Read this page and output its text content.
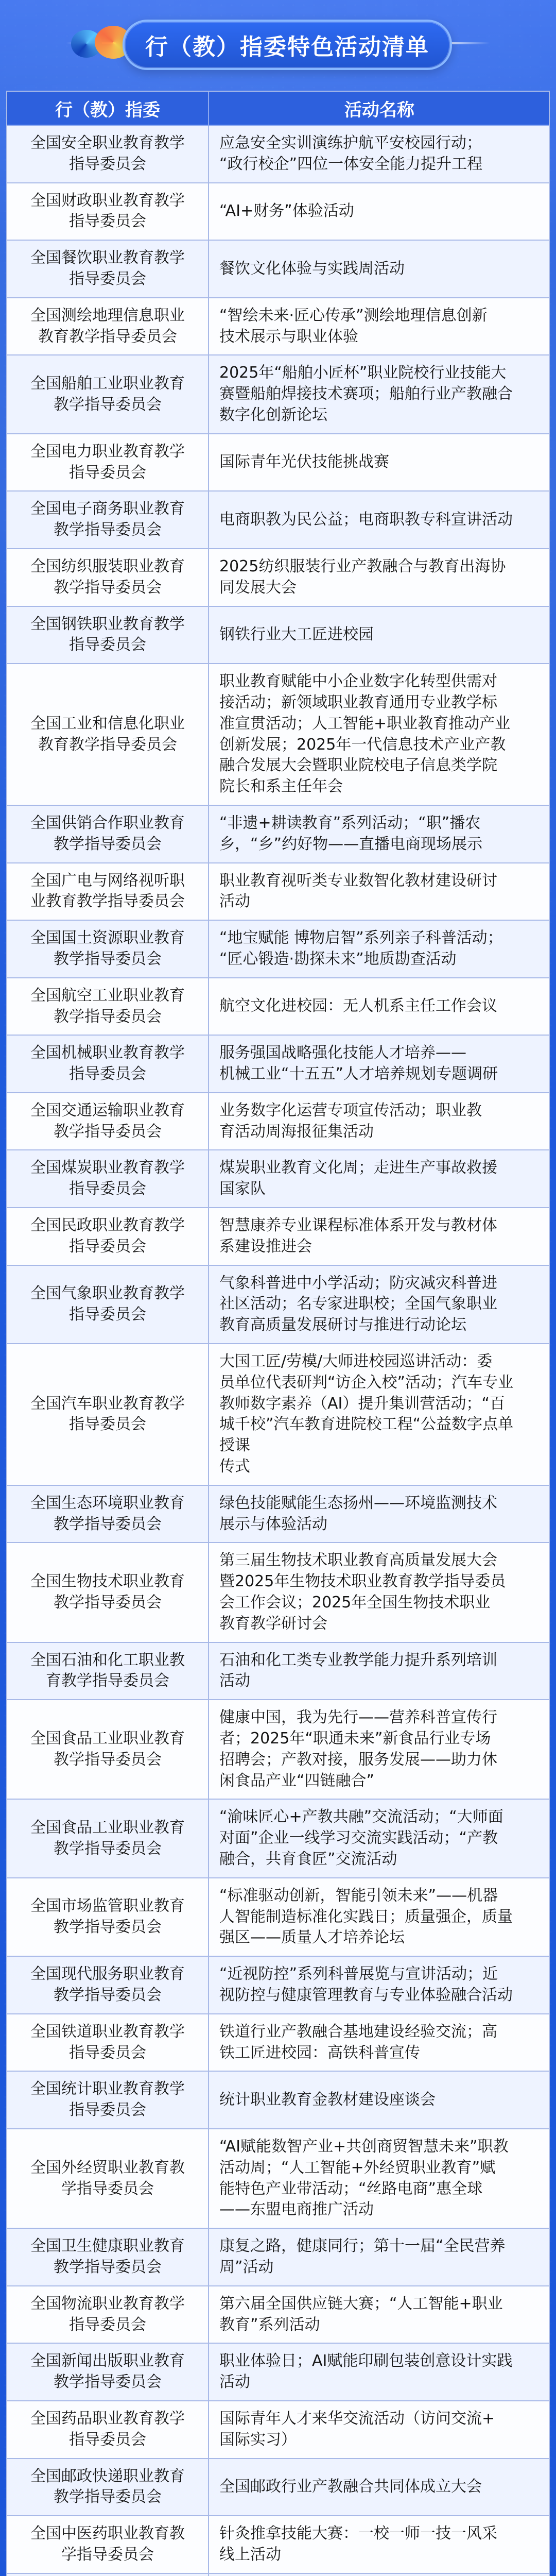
行（教）指委特色活动清单
行（教）指委	活动名称
全国安全职业教育教学
指导委员会
应急安全实训演练护航平安校园行动；
“政行校企”四位一体安全能力提升工程
全国财政职业教育教学
指导委员会
“AI+财务”体验活动
全国餐饮职业教育教学
指导委员会
餐饮文化体验与实践周活动
全国测绘地理信息职业
教育教学指导委员会
“智绘未来·匠心传承”测绘地理信息创新
技术展示与职业体验
全国船舶工业职业教育
教学指导委员会
2025年“船舶小匠杯”职业院校行业技能大
赛暨船舶焊接技术赛项；船舶行业产教融合
数字化创新论坛
全国电力职业教育教学
指导委员会
国际青年光伏技能挑战赛
全国电子商务职业教育
教学指导委员会
电商职教为民公益；电商职教专科宣讲活动
全国纺织服装职业教育
教学指导委员会
2025纺织服装行业产教融合与教育出海协
同发展大会
全国钢铁职业教育教学
指导委员会
钢铁行业大工匠进校园
全国工业和信息化职业
教育教学指导委员会
职业教育赋能中小企业数字化转型供需对
接活动；新领域职业教育通用专业教学标
准宣贯活动；人工智能+职业教育推动产业
创新发展；2025年一代信息技术产业产教
融合发展大会暨职业院校电子信息类学院
院长和系主任年会
全国供销合作职业教育
教学指导委员会
“非遗+耕读教育”系列活动；“职”播农
乡，“乡”约好物——直播电商现场展示
全国广电与网络视听职
业教育教学指导委员会
职业教育视听类专业数智化教材建设研讨
活动
全国国土资源职业教育
教学指导委员会
“地宝赋能 博物启智”系列亲子科普活动；
“匠心锻造·勘探未来”地质勘查活动
全国航空工业职业教育
教学指导委员会
航空文化进校园：无人机系主任工作会议
全国机械职业教育教学
指导委员会
服务强国战略强化技能人才培养——
机械工业“十五五”人才培养规划专题调研
全国交通运输职业教育
教学指导委员会
业务数字化运营专项宣传活动；职业教
育活动周海报征集活动
全国煤炭职业教育教学
指导委员会
煤炭职业教育文化周；走进生产事故救援
国家队
全国民政职业教育教学
指导委员会
智慧康养专业课程标准体系开发与教材体
系建设推进会
全国气象职业教育教学
指导委员会
气象科普进中小学活动；防灾减灾科普进
社区活动；名专家进职校；全国气象职业
教育高质量发展研讨与推进行动论坛
全国汽车职业教育教学
指导委员会
大国工匠/劳模/大师进校园巡讲活动：委
员单位代表研判“访企入校”活动；汽车专业
教师数字素养（AI）提升集训营活动；“百
城千校”汽车教育进院校工程“公益数字点单
授课
传式
全国生态环境职业教育
教学指导委员会
绿色技能赋能生态扬州——环境监测技术
展示与体验活动
全国生物技术职业教育
教学指导委员会
第三届生物技术职业教育高质量发展大会
暨2025年生物技术职业教育教学指导委员
会工作会议；2025年全国生物技术职业
教育教学研讨会
全国石油和化工职业教
育教学指导委员会
石油和化工类专业教学能力提升系列培训
活动
全国食品工业职业教育
教学指导委员会
健康中国，我为先行——营养科普宣传行
者；2025年“职通未来”新食品行业专场
招聘会；产教对接，服务发展——助力休
闲食品产业“四链融合”
全国食品工业职业教育
教学指导委员会
“渝味匠心+产教共融”交流活动；“大师面
对面”企业一线学习交流实践活动；“产教
融合，共育食匠”交流活动
全国市场监管职业教育
教学指导委员会
“标准驱动创新，智能引领未来”——机器
人智能制造标准化实践日；质量强企，质量
强区——质量人才培养论坛
全国现代服务职业教育
教学指导委员会
“近视防控”系列科普展览与宣讲活动；近
视防控与健康管理教育与专业体验融合活动
全国铁道职业教育教学
指导委员会
铁道行业产教融合基地建设经验交流；高
铁工匠进校园：高铁科普宣传
全国统计职业教育教学
指导委员会
统计职业教育金教材建设座谈会
全国外经贸职业教育教
学指导委员会
“AI赋能数智产业+共创商贸智慧未来”职教
活动周；“人工智能+外经贸职业教育”赋
能特色产业带活动；“丝路电商”惠全球
——东盟电商推广活动
全国卫生健康职业教育
教学指导委员会
康复之路，健康同行；第十一届“全民营养
周”活动
全国物流职业教育教学
指导委员会
第六届全国供应链大赛；“人工智能+职业
教育”系列活动
全国新闻出版职业教育
教学指导委员会
职业体验日；AI赋能印刷包装创意设计实践
活动
全国药品职业教育教学
指导委员会
国际青年人才来华交流活动（访问交流+
国际实习）
全国邮政快递职业教育
教学指导委员会
全国邮政行业产教融合共同体成立大会
全国中医药职业教育教
学指导委员会
针灸推拿技能大赛：一校一师一技一风采
线上活动
